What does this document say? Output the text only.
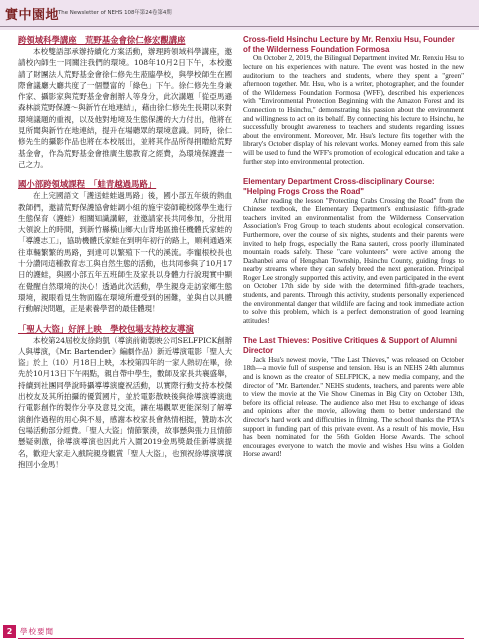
實中園地
The Newsletter of NEHS 108年第24卷第4期
跨領域科學講座　荒野基金會徐仁修宏觀講座

本校雙語部承辦持續化方案活動，辦理跨領域科學講座，邀請校內師生一同關注我們的環境。108年10月2日下午，本校邀請了財團法人荒野基金會徐仁修先生蒞臨學校，與學校師生在國際會議廳大廳共度了一個豐富的「綠色」下午。徐仁修先生身兼作家、攝影家與荒野基金會創辦人等身分，此次講題「從亞馬遜森林談荒野保護～與新竹在地連結」，藉由徐仁修先生長期以來對環境議題的重視，以及他對地境及生態保護的大力付出，他將在見所聞與新竹在地連結，提升在場聽眾的環境意識。同時，徐仁修先生的攝影作品也將在本校展出，並將其作品所得捐贈給荒野基金會，作為荒野基金會推廣生態教育之經費，為環境保護盡一己之力。

國小部跨領域課程　「蛙青越過馬路」

在上完國語文「護送蛙蛙過馬路」後，國小部五年級的熱血教師們，邀請荒野保護協會蛙調小組的施宇姿師範校隊學生進行生態保育（護蛙）相關知識講解，並邀請家長共同參加，分批用大領說上的時間，到新竹縣橫山鄉大山背地區擔任機體氏家蛙的「導護志工」，協助機體氏家蛙在到明年初行的路上，順利通過來往車輛繁繁的馬路，到達可以繁殖下一代的溪流。李寵根校長也十分讚同這種教育志工與自然生態的活動，也共同參與了10月17日的護蛙，與國小部五年五班師生及家長以身體力行說現實中顯在覺醒自然環境的決心！透過此次活動，學生親身走訪家鄉生態環境，親眼看見生物面臨在環境所遭受到的困難，並與自以具體行動解決問題，正是素養學習的最佳體現！

「聖人大盜」好評上映　學校包場支持校友導演

本校第24屆校友徐鈞凱（導演前衛製映公司SELFPICK創辦人與導演，《Mr. Bartender》編劇作品）新近導演電影「聖人大盜」於上（10）月18日上映，本校第四年的一家人熱切在畢，徐先於10月13日下午兩點，親自帶中學生，數師及家長共襄盛舉，持續到社團同學說時攝導導演慶祝活動，以實際行動支持本校傑出校友及其所拍攝的優質國片，並於電影散映後與徐導演導演進行電影創作的製作分享及意見交流，讓在場觀眾更能深刻了解導演創作過程的用心與不易，感謝本校家長會熱情相挺，贊助本次包場活動部分經費。「聖人大盜」情節緊湊，故事懸與張力且情節懸疑刺激，徐導演導演也因此片入圍2019金馬獎最佳新導演提名，歡迎大家走入戲院親身觀賞「聖人大盜」，也預祝徐導演導演抱回小金馬！

Cross-field Hsinchu Lecture by Mr. Renxiu Hsu, Founder of the Wilderness Foundation Formosa

On October 2, 2019, the Bilingual Department invited Mr. Renxiu Hsu to lecture on his experiences with nature. The event was hosted in the new auditorium to the teachers and students, where they spent a "green" afternoon together. Mr. Hsu, who is a writer, photographer, and the founder of the Wilderness Foundation Formosa (WFF), described his experiences with "Environmental Protection Beginning with the Amazon Forest and its Connection to Hsinchu," demonstrating his passion about the environment and willingness to act on its behalf. By connecting his lecture to Hsinchu, he successfully brought awareness to teachers and students regarding issues about the environment. Moreover, Mr. Hsu's lecture fits together with the library's October display of his relevant works. Money earned from this sale will be used to fund the WFF's promotion of ecological education and take a further step into environmental protection.

Elementary Department Cross-disciplinary Course: "Helping Frogs Cross the Road"

After reading the lesson "Protecting Crabs Crossing the Road" from the Chinese textbook, the Elementary Department's enthusiastic fifth-grade teachers invited an environmentalist from the Wilderness Conservation Association's Frog Group to teach students about ecological conservation. Furthermore, over the course of six nights, students and their parents were invited to help frogs, especially the Rana sauteri, cross poorly illuminated mountain roads safely. These "care volunteers" were active among the Dashanbei area of Hengshan Township, Hsinchu County, guiding frogs to nearby streams where they can safely breed the next generation. Principal Roger Lee strongly supported this activity, and even participated in the event on October 17th side by side with the determined fifth-grade teachers, students, and parents. Through this activity, students personally experienced the environmental danger that wildlife are facing and took immediate action to solve this problem, which is a perfect demonstration of good learning attitudes!

The Last Thieves: Positive Critiques & Support of Alumni Director

Jack Hsu's newest movie, "The Last Thieves," was released on October 18th—a movie full of suspense and tension. Hsu is an NEHS 24th alumnus and is known as the creator of SELFPICK, a new media company, and the director of "Mr. Bartender." NEHS students, teachers, and parents were able to view the movie at the Vie Show Cinemas in Big City on October 13th, before its official release. The audience also met Hsu to exchange of ideas and opinions after the movie, allowing them to better understand the director's hard work and difficulties in filming. The school thanks the PTA's support in funding part of this private event. As a result of his movie, Hsu has been nominated for the 56th Golden Horse Awards. The school encourages everyone to watch the movie and wishes Hsu wins a Golden Horse award!

2	學校要聞
